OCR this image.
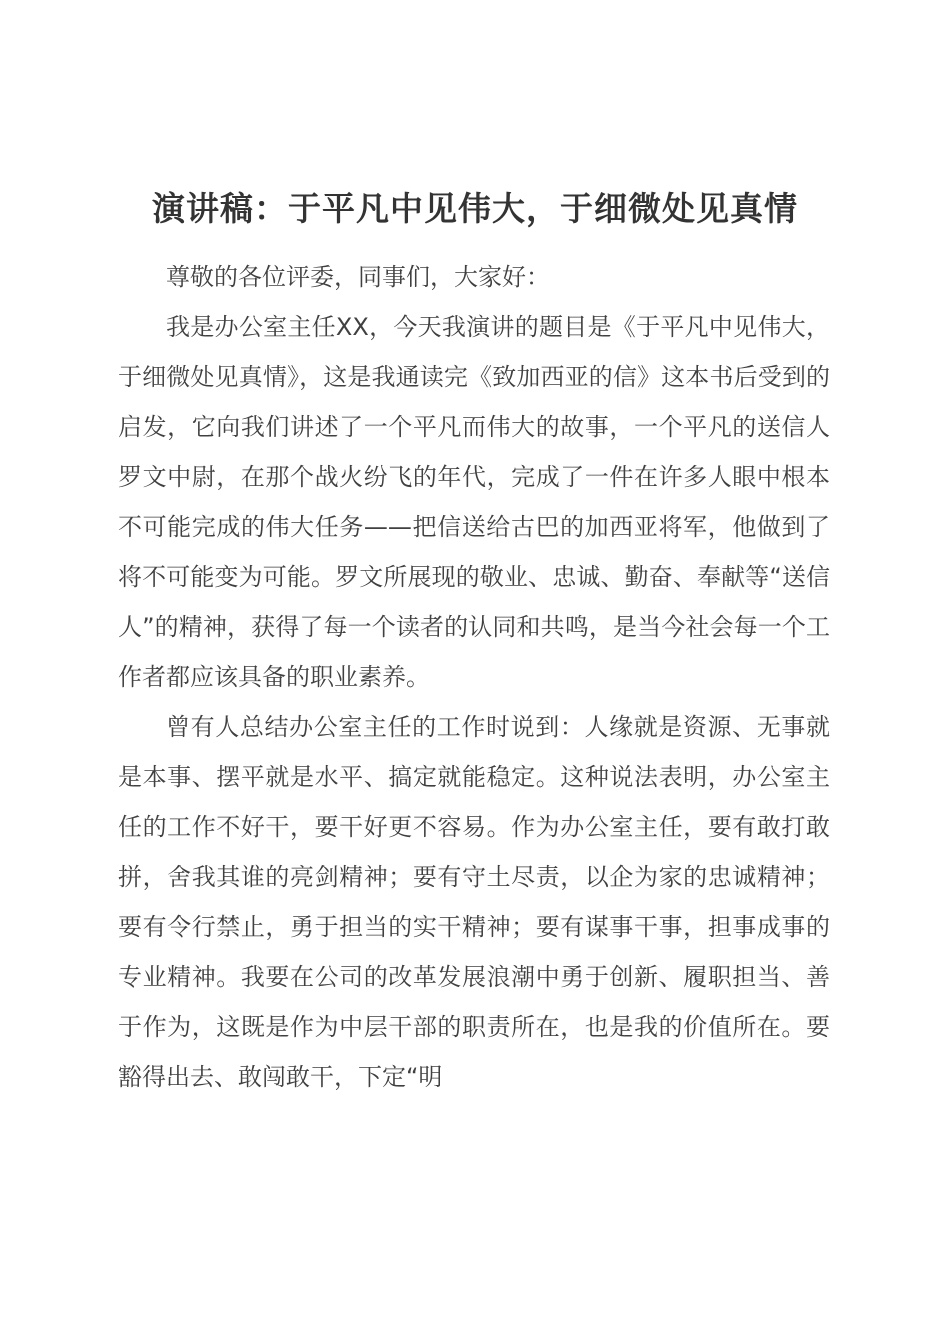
演讲稿：于平凡中见伟大，于细微处见真情

尊敬的各位评委，同事们，大家好：

我是办公室主任XX，今天我演讲的题目是《于平凡中见伟大，于细微处见真情》，这是我通读完《致加西亚的信》这本书后受到的启发，它向我们讲述了一个平凡而伟大的故事，一个平凡的送信人罗文中尉，在那个战火纷飞的年代，完成了一件在许多人眼中根本不可能完成的伟大任务——把信送给古巴的加西亚将军，他做到了将不可能变为可能。罗文所展现的敬业、忠诚、勤奋、奉献等“送信人”的精神，获得了每一个读者的认同和共鸣，是当今社会每一个工作者都应该具备的职业素养。

曾有人总结办公室主任的工作时说到：人缘就是资源、无事就是本事、摆平就是水平、搞定就能稳定。这种说法表明，办公室主任的工作不好干，要干好更不容易。作为办公室主任，要有敢打敢拼，舍我其谁的亮剑精神；要有守土尽责，以企为家的忠诚精神；要有令行禁止，勇于担当的实干精神；要有谋事干事，担事成事的专业精神。我要在公司的改革发展浪潮中勇于创新、履职担当、善于作为，这既是作为中层干部的职责所在，也是我的价值所在。要豁得出去、敢闯敢干，下定“明
